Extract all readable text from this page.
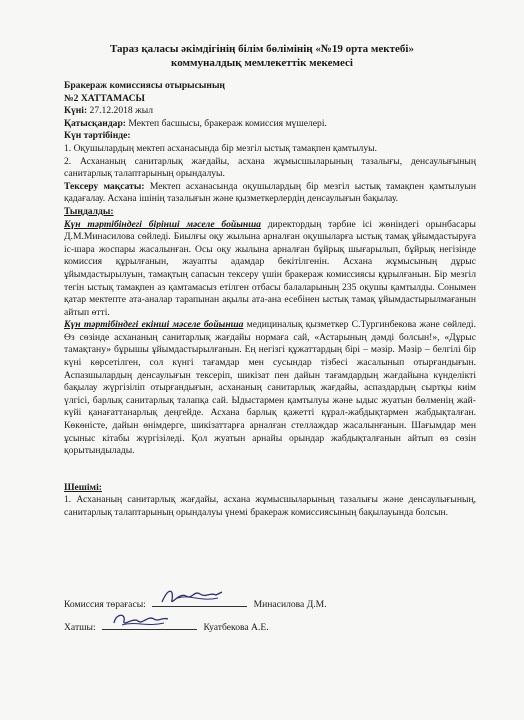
Тараз қаласы әкімдігінің білім бөлімінің «№19 орта мектебі»
коммуналдық мемлекеттік мекемесі

Бракераж комиссиясы отырысының

№2 ХАТТАМАСЫ

Күні: 27.12.2018 жыл

Қатысқандар: Мектеп басшысы, бракераж комиссия мүшелері.

Күн тәртібінде:

1. Оқушылардың мектеп асханасында бір мезгіл ыстық тамақпен қамтылуы.

2. Асхананың санитарлық жағдайы, асхана жұмысшыларының тазалығы, денсаулығының санитарлық талаптарының орындалуы.

Тексеру мақсаты: Мектеп асханасында оқушылардың бір мезгіл ыстық тамақпен қамтылуын қадағалау. Асхана ішінің тазалығын және қызметкерлердің денсаулығын бақылау.

Тыңдалды:

Күн тәртібіндегі бірінші мәселе бойынша директордың тәрбие ісі жөніндегі орынбасары Д.М.Минасилова сөйледі. Биылғы оқу жылына арналған оқушыларға ыстық тамақ ұйымдастыруға іс-шара жоспары жасалынған. Осы оқу жылына арналған бұйрық шығарылып, бұйрық негізінде комиссия құрылғанын, жауапты адамдар бекітілгенін. Асхана жұмысының дұрыс ұйымдастырылуын, тамақтың сапасын тексеру үшін бракераж комиссиясы құрылғанын. Бір мезгіл тегін ыстық тамақпен аз қамтамасыз етілген отбасы балаларының 235 оқушы қамтылды. Сонымен қатар мектепте ата-аналар тарапынан ақылы ата-ана есебінен ыстық тамақ ұйымдастырылмағанын айтып өтті.

Күн тәртібіндегі екінші мәселе бойынша медициналық қызметкер С.Тургинбекова және сөйледі. Өз сөзінде асхананың санитарлық жағдайы нормаға сай, «Астарының дәмді болсын!», «Дұрыс тамақтану» бұрышы ұйымдастырылғанын. Ең негізгі құжаттардың бірі – мәзір. Мәзір – белгілі бір күні көрсетілген, сол күнгі тағамдар мен сусындар тізбесі жасалынып отырғандығын. Аспазшылардың денсаулығын тексеріп, шикізат пен дайын тағамдардың жағдайына күнделікті бақылау жүргізіліп отырғандығын, асхананың санитарлық жағдайы, аспаздардың сыртқы киім үлгісі, барлық санитарлық талапқа сай. Ыдыстармен қамтылуы және ыдыс жуатын бөлменің жай-күйі қанағаттанарлық деңгейде. Асхана барлық қажетті құрал-жабдықтармен жабдықталған. Көкөністе, дайын өнімдерге, шикізаттарға арналған стеллаждар жасалынғанын. Шағымдар мен ұсыныс кітабы жүргізіледі. Қол жуатын арнайы орындар жабдықталғанын айтып өз сөзін қорытындылады.

Шешімі:

1. Асхананың санитарлық жағдайы, асхана жұмысшыларының тазалығы және денсаулығының, санитарлық талаптарының орындалуы үнемі бракераж комиссиясының бақылауында болсын.

Комиссия төрағасы:	Минасилова Д.М.
Хатшы:	Куатбекова А.Е.
